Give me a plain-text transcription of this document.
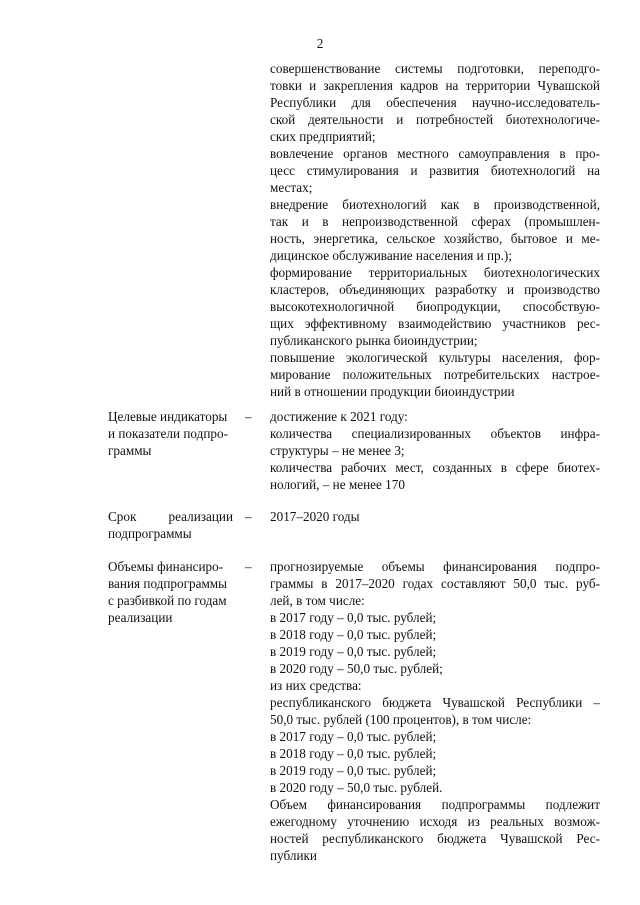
2
совершенствование системы подготовки, переподго-
товки и закрепления кадров на территории Чувашской
Республики для обеспечения научно-исследователь-
ской деятельности и потребностей биотехнологиче-
ских предприятий;
вовлечение органов местного самоуправления в про-
цесс стимулирования и развития биотехнологий на
местах;
внедрение биотехнологий как в производственной,
так и в непроизводственной сферах (промышлен-
ность, энергетика, сельское хозяйство, бытовое и ме-
дицинское обслуживание населения и пр.);
формирование территориальных биотехнологических
кластеров, объединяющих разработку и производство
высокотехнологичной биопродукции, способствую-
щих эффективному взаимодействию участников рес-
публиканского рынка биоиндустрии;
повышение экологической культуры населения, фор-
мирование положительных потребительских настрое-
ний в отношении продукции биоиндустрии
Целевые индикаторы
и показатели подпро-
граммы
– достижение к 2021 году:
количества специализированных объектов инфра-
структуры – не менее 3;
количества рабочих мест, созданных в сфере биотех-
нологий, – не менее 170
Срок реализации
подпрограммы
– 2017–2020 годы
Объемы финансиро-
вания подпрограммы
с разбивкой по годам
реализации
– прогнозируемые объемы финансирования подпро-
граммы в 2017–2020 годах составляют 50,0 тыс. руб-
лей, в том числе:
в 2017 году – 0,0 тыс. рублей;
в 2018 году – 0,0 тыс. рублей;
в 2019 году – 0,0 тыс. рублей;
в 2020 году – 50,0 тыс. рублей;
из них средства:
республиканского бюджета Чувашской Республики –
50,0 тыс. рублей (100 процентов), в том числе:
в 2017 году – 0,0 тыс. рублей;
в 2018 году – 0,0 тыс. рублей;
в 2019 году – 0,0 тыс. рублей;
в 2020 году – 50,0 тыс. рублей.
Объем финансирования подпрограммы подлежит
ежегодному уточнению исходя из реальных возмож-
ностей республиканского бюджета Чувашской Рес-
публики
